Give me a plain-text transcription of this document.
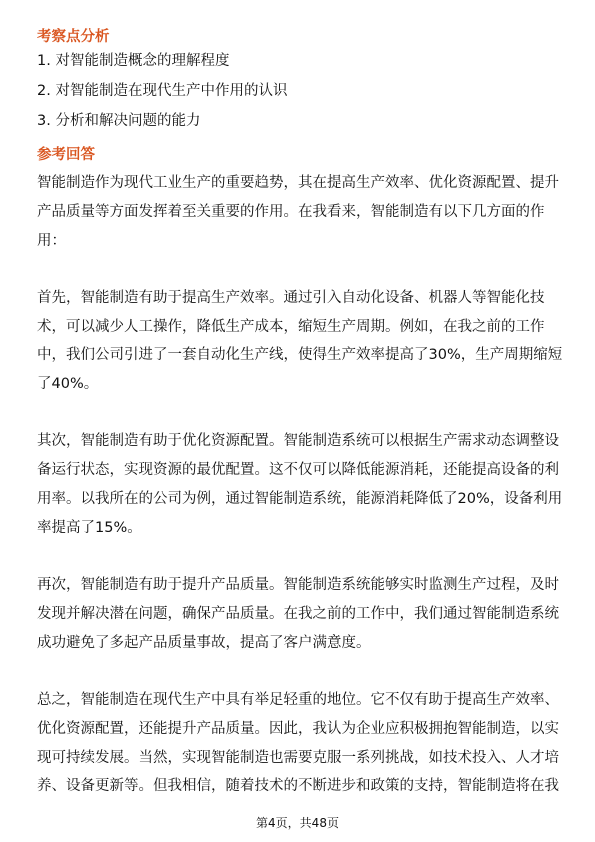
考察点分析
1. 对智能制造概念的理解程度
2. 对智能制造在现代生产中作用的认识
3. 分析和解决问题的能力
参考回答
智能制造作为现代工业生产的重要趋势，其在提高生产效率、优化资源配置、提升
产品质量等方面发挥着至关重要的作用。在我看来，智能制造有以下几方面的作
用：
首先，智能制造有助于提高生产效率。通过引入自动化设备、机器人等智能化技
术，可以减少人工操作，降低生产成本，缩短生产周期。例如，在我之前的工作
中，我们公司引进了一套自动化生产线，使得生产效率提高了30%，生产周期缩短
了40%。
其次，智能制造有助于优化资源配置。智能制造系统可以根据生产需求动态调整设
备运行状态，实现资源的最优配置。这不仅可以降低能源消耗，还能提高设备的利
用率。以我所在的公司为例，通过智能制造系统，能源消耗降低了20%，设备利用
率提高了15%。
再次，智能制造有助于提升产品质量。智能制造系统能够实时监测生产过程，及时
发现并解决潜在问题，确保产品质量。在我之前的工作中，我们通过智能制造系统
成功避免了多起产品质量事故，提高了客户满意度。
总之，智能制造在现代生产中具有举足轻重的地位。它不仅有助于提高生产效率、
优化资源配置，还能提升产品质量。因此，我认为企业应积极拥抱智能制造，以实
现可持续发展。当然，实现智能制造也需要克服一系列挑战，如技术投入、人才培
养、设备更新等。但我相信，随着技术的不断进步和政策的支持，智能制造将在我
第4页，共48页
